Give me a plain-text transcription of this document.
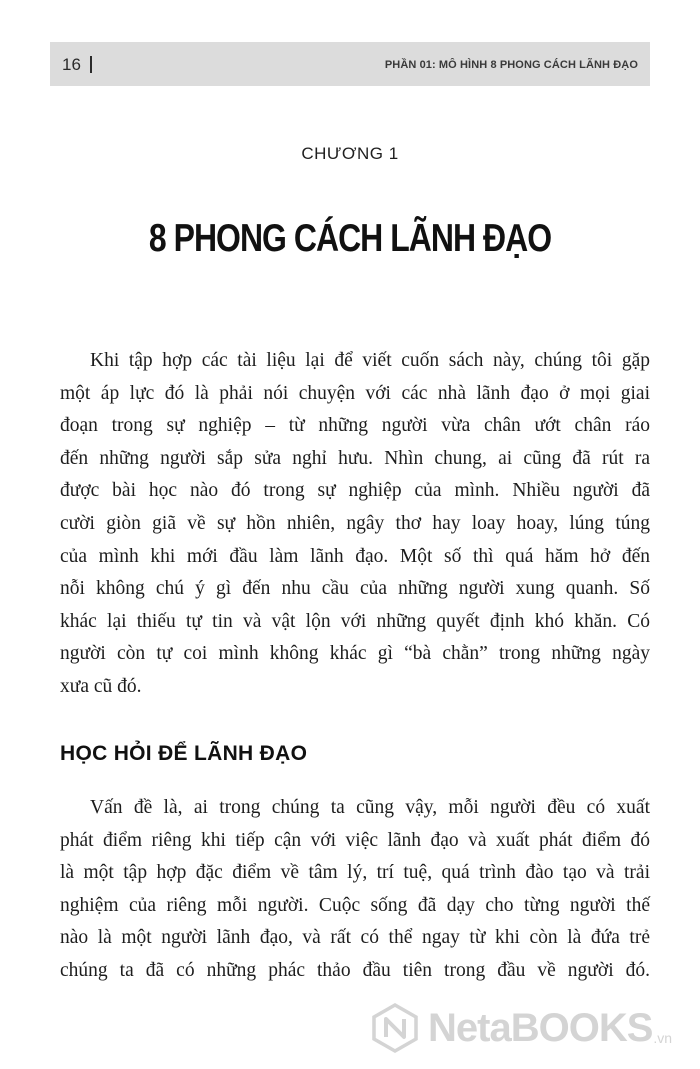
16	PHẦN 01: MÔ HÌNH 8 PHONG CÁCH LÃNH ĐẠO
CHƯƠNG 1
8 PHONG CÁCH LÃNH ĐẠO
Khi tập hợp các tài liệu lại để viết cuốn sách này, chúng tôi gặp
một áp lực đó là phải nói chuyện với các nhà lãnh đạo ở mọi giai
đoạn trong sự nghiệp – từ những người vừa chân ướt chân ráo
đến những người sắp sửa nghỉ hưu. Nhìn chung, ai cũng đã rút ra
được bài học nào đó trong sự nghiệp của mình. Nhiều người đã
cười giòn giã về sự hồn nhiên, ngây thơ hay loay hoay, lúng túng
của mình khi mới đầu làm lãnh đạo. Một số thì quá hăm hở đến
nỗi không chú ý gì đến nhu cầu của những người xung quanh. Số
khác lại thiếu tự tin và vật lộn với những quyết định khó khăn. Có
người còn tự coi mình không khác gì “bà chằn” trong những ngày
xưa cũ đó.
HỌC HỎI ĐỂ LÃNH ĐẠO
Vấn đề là, ai trong chúng ta cũng vậy, mỗi người đều có xuất
phát điểm riêng khi tiếp cận với việc lãnh đạo và xuất phát điểm đó
là một tập hợp đặc điểm về tâm lý, trí tuệ, quá trình đào tạo và trải
nghiệm của riêng mỗi người. Cuộc sống đã dạy cho từng người thế
nào là một người lãnh đạo, và rất có thể ngay từ khi còn là đứa trẻ
chúng ta đã có những phác thảo đầu tiên trong đầu về người đó.
NetaBOOKS .vn
